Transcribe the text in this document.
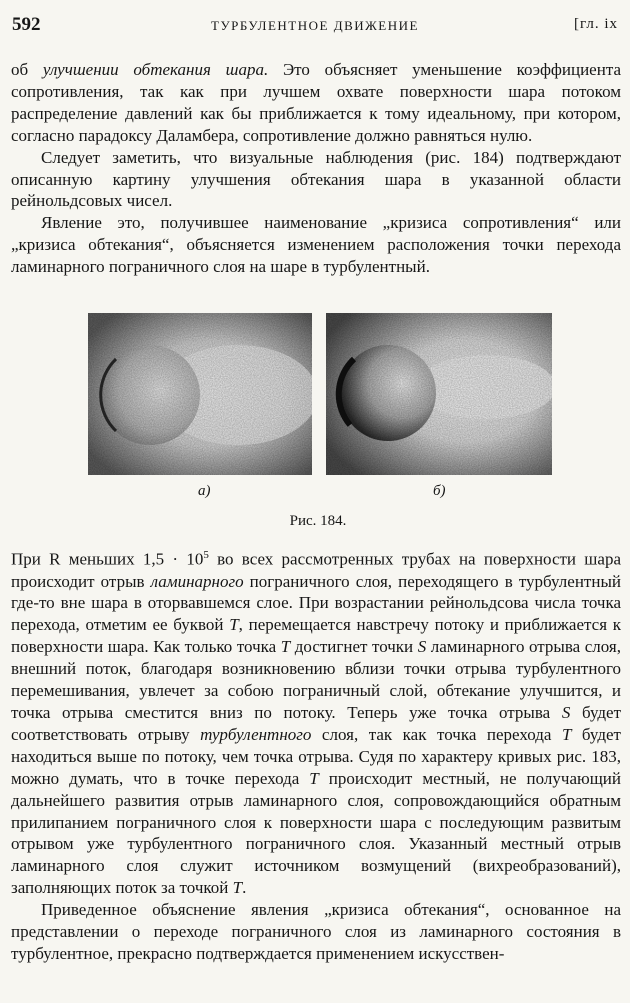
592	ТУРБУЛЕНТНОЕ ДВИЖЕНИЕ	[гл. ix

об улучшении обтекания шара. Это объясняет уменьшение коэффициента сопротивления, так как при лучшем охвате поверхности шара потоком распределение давлений как бы приближается к тому идеальному, при котором, согласно парадоксу Даламбера, сопротивление должно равняться нулю.

Следует заметить, что визуальные наблюдения (рис. 184) подтверждают описанную картину улучшения обтекания шара в указанной области рейнольдсовых чисел.

Явление это, получившее наименование „кризиса сопротивления“ или „кризиса обтекания“, объясняется изменением расположения точки перехода ламинарного пограничного слоя на шаре в турбулентный.

a)	б)
Рис. 184.

При R меньших $1,5 \cdot 10^5$ во всех рассмотренных трубах на поверхности шара происходит отрыв ламинарного пограничного слоя, переходящего в турбулентный где-то вне шара в оторвавшемся слое. При возрастании рейнольдсова числа точка перехода, отметим ее буквой T, перемещается навстречу потоку и приближается к поверхности шара. Как только точка T достигнет точки S ламинарного отрыва слоя, внешний поток, благодаря возникновению вблизи точки отрыва турбулентного перемешивания, увлечет за собою пограничный слой, обтекание улучшится, и точка отрыва сместится вниз по потоку. Теперь уже точка отрыва S будет соответствовать отрыву турбулентного слоя, так как точка перехода T будет находиться выше по потоку, чем точка отрыва. Судя по характеру кривых рис. 183, можно думать, что в точке перехода T происходит местный, не получающий дальнейшего развития отрыв ламинарного слоя, сопровождающийся обратным прилипанием пограничного слоя к поверхности шара с последующим развитым отрывом уже турбулентного пограничного слоя. Указанный местный отрыв ламинарного слоя служит источником возмущений (вихреобразований), заполняющих поток за точкой T.

Приведенное объяснение явления „кризиса обтекания“, основанное на представлении о переходе пограничного слоя из ламинарного состояния в турбулентное, прекрасно подтверждается применением искусствен-
